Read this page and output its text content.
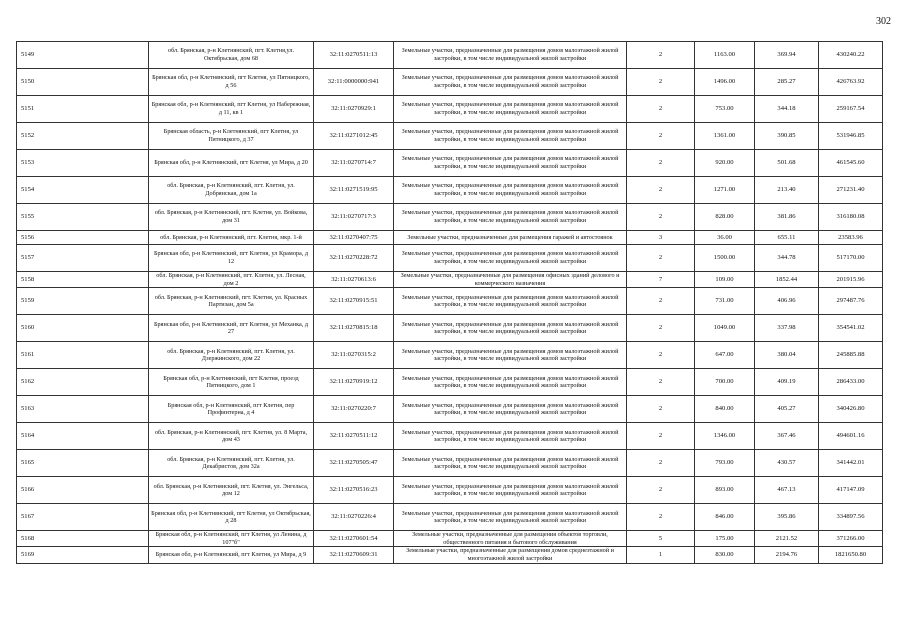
302
5149	обл. Брянская, р-н Клетнянский, пгт. Клетня,ул. Октябрьская, дом 68	32:11:0270511:13	Земельные участки, предназначенные для размещения домов малоэтажной жилой застройки, в том числе индивидуальной жилой застройки	2	1163.00	369.94	430240.22
5150	Брянская обл, р-н Клетнянский, пгт Клетня, ул Пятницкого, д 56	32:11:0000000:941	Земельные участки, предназначенные для размещения домов малоэтажной жилой застройки, в том числе индивидуальной жилой застройки	2	1496.00	285.27	426763.92
5151	Брянская обл, р-н Клетнянский, пгт Клетня, ул Набережная, д 11, кв 1	32:11:0270929:1	Земельные участки, предназначенные для размещения домов малоэтажной жилой застройки, в том числе индивидуальной жилой застройки	2	753.00	344.18	259167.54
5152	Брянская область, р-н Клетнянский, пгт Клетня, ул Пятницкого, д 37	32:11:0271012:45	Земельные участки, предназначенные для размещения домов малоэтажной жилой застройки, в том числе индивидуальной жилой застройки	2	1361.00	390.85	531946.85
5153	Брянская обл, р-н Клетнянский, пгт Клетня, ул Мира, д 20	32:11:0270714:7	Земельные участки, предназначенные для размещения домов малоэтажной жилой застройки, в том числе индивидуальной жилой застройки	2	920.00	501.68	461545.60
5154	обл. Брянская, р-н Клетнянский, пгт. Клетня, ул. Добрянская, дом 1а	32:11:0271519:95	Земельные участки, предназначенные для размещения домов малоэтажной жилой застройки, в том числе индивидуальной жилой застройки	2	1271.00	213.40	271231.40
5155	обл. Брянская, р-н Клетнянский, пгт. Клетня, ул. Войкова, дом 31	32:11:0270717:3	Земельные участки, предназначенные для размещения домов малоэтажной жилой застройки, в том числе индивидуальной жилой застройки	2	828.00	381.86	316180.08
5156	обл. Брянская, р-н Клетнянский, пгт. Клетня, мкр. 1-й	32:11:0270407:75	Земельные участки, предназначенные для размещения гаражей и автостоянок	3	36.00	655.11	23583.96
5157	Брянская обл, р-н Клетнянский, пгт Клетня, ул Крамора, д 12	32:11:0270228:72	Земельные участки, предназначенные для размещения домов малоэтажной жилой застройки, в том числе индивидуальной жилой застройки	2	1500.00	344.78	517170.00
5158	обл. Брянская, р-н Клетнянский, пгт. Клетня, ул. Лесная, дом 2	32:11:0270613:6	Земельные участки, предназначенные для размещения офисных зданий делового и коммерческого назначения	7	109.00	1852.44	201915.96
5159	обл. Брянская, р-н Клетнянский, пгт. Клетня, ул. Красных Партизан, дом 5а	32:11:0270915:51	Земельные участки, предназначенные для размещения домов малоэтажной жилой застройки, в том числе индивидуальной жилой застройки	2	731.00	406.96	297487.76
5160	Брянская обл, р-н Клетнянский, пгт Клетня, ул Механка, д 27	32:11:0270815:18	Земельные участки, предназначенные для размещения домов малоэтажной жилой застройки, в том числе индивидуальной жилой застройки	2	1049.00	337.98	354541.02
5161	обл. Брянская, р-н Клетнянский, пгт. Клетня, ул. Дзержинского, дом 22	32:11:0270315:2	Земельные участки, предназначенные для размещения домов малоэтажной жилой застройки, в том числе индивидуальной жилой застройки	2	647.00	380.04	245885.88
5162	Брянская обл, р-н Клетнянский, пгт Клетня, проезд Пятницкого, дом 1	32:11:0270919:12	Земельные участки, предназначенные для размещения домов малоэтажной жилой застройки, в том числе индивидуальной жилой застройки	2	700.00	409.19	286433.00
5163	Брянская обл, р-н Клетнянский, пгт Клетня, пер Профинтерна, д 4	32:11:0270220:7	Земельные участки, предназначенные для размещения домов малоэтажной жилой застройки, в том числе индивидуальной жилой застройки	2	840.00	405.27	340426.80
5164	обл. Брянская, р-н Клетнянский, пгт. Клетня, ул. 8 Марта, дом 43	32:11:0270511:12	Земельные участки, предназначенные для размещения домов малоэтажной жилой застройки, в том числе индивидуальной жилой застройки	2	1346.00	367.46	494601.16
5165	обл. Брянская, р-н Клетнянский, пгт. Клетня, ул. Декабристов, дом 32а	32:11:0270505:47	Земельные участки, предназначенные для размещения домов малоэтажной жилой застройки, в том числе индивидуальной жилой застройки	2	793.00	430.57	341442.01
5166	обл. Брянская, р-н Клетнянский, пгт. Клетня, ул. Энгельса, дом 12	32:11:0270516:23	Земельные участки, предназначенные для размещения домов малоэтажной жилой застройки, в том числе индивидуальной жилой застройки	2	893.00	467.13	417147.09
5167	Брянская обл, р-н Клетнянский, пгт Клетня, ул Октябрьская, д 28	32:11:0270226:4	Земельные участки, предназначенные для размещения домов малоэтажной жилой застройки, в том числе индивидуальной жилой застройки	2	846.00	395.86	334897.56
5168	Брянская обл, р-н Клетнянский, пгт Клетня, ул Ленина, д 107"б"	32:11:0270601:54	Земельные участки, предназначенные для размещения объектов торговли, общественного питания и бытового обслуживания	5	175.00	2121.52	371266.00
5169	Брянская обл, р-н Клетнянский, пгт Клетня, ул Мира, д 9	32:11:0270609:31	Земельные участки, предназначенные для размещения домов среднеэтажной и многоэтажной жилой застройки	1	830.00	2194.76	1821650.80
